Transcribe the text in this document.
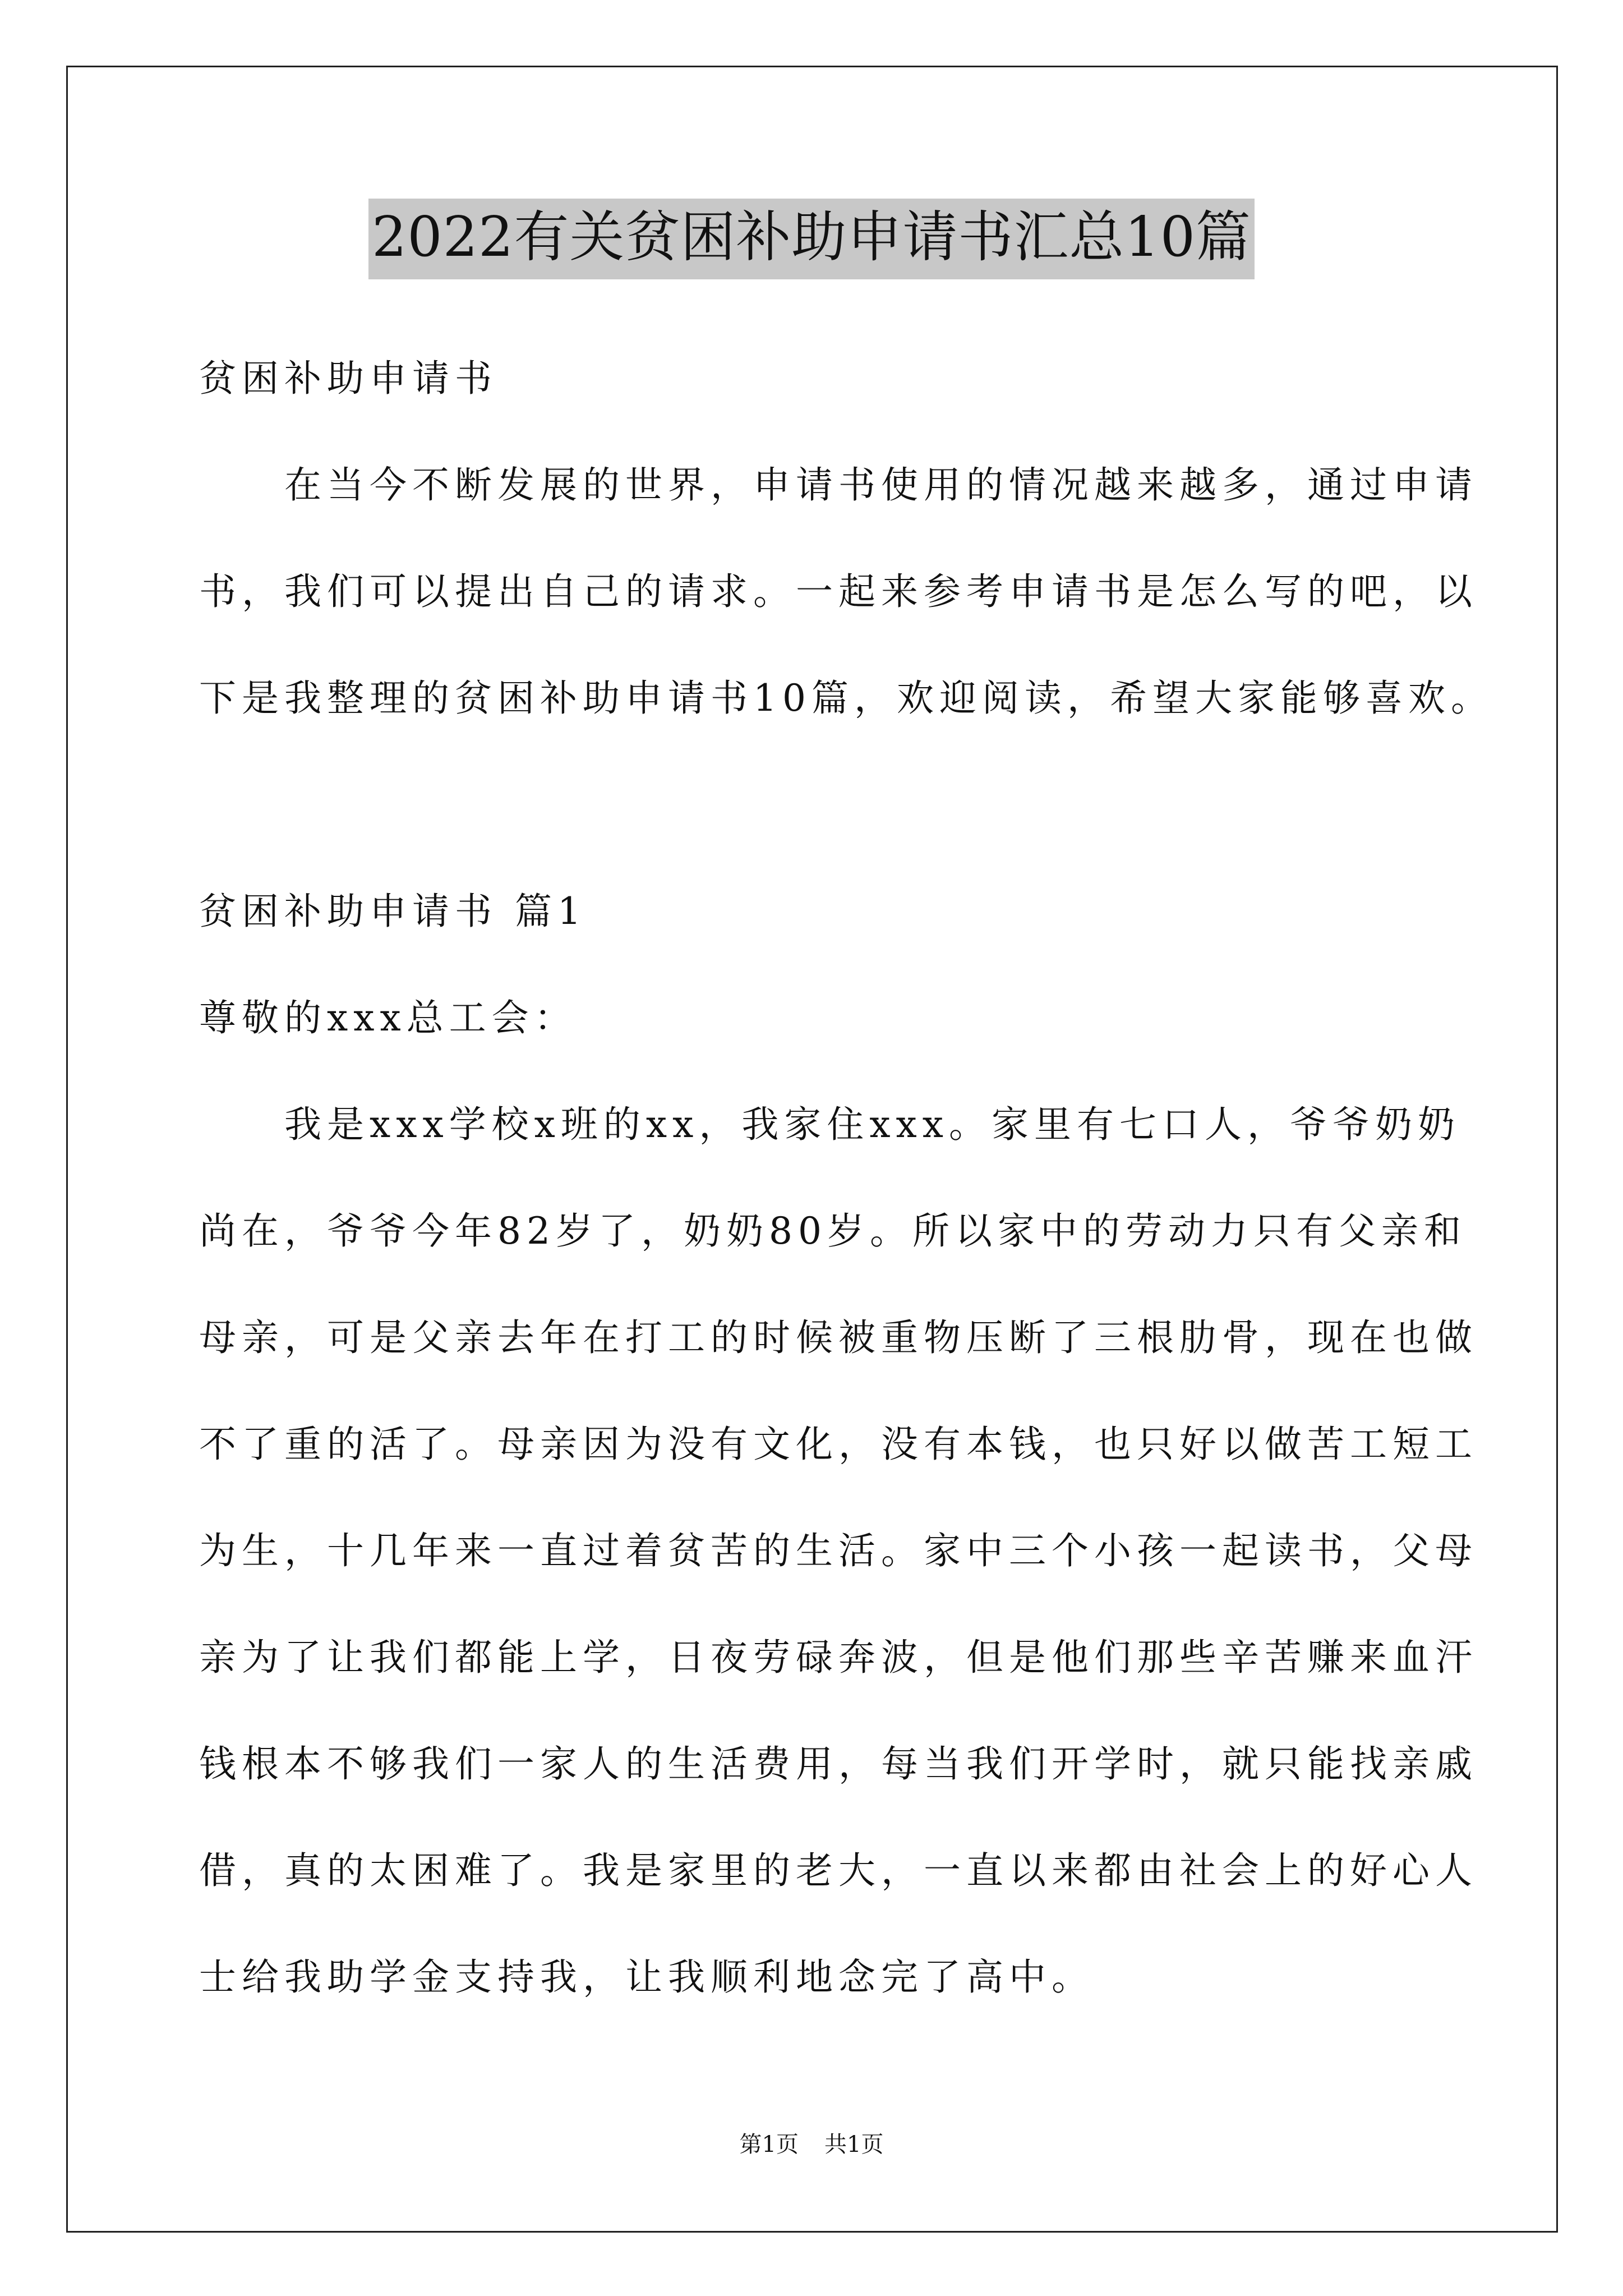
2022有关贫困补助申请书汇总10篇
贫困补助申请书
　　在当今不断发展的世界，申请书使用的情况越来越多，通过申请
书，我们可以提出自己的请求。一起来参考申请书是怎么写的吧，以
下是我整理的贫困补助申请书10篇，欢迎阅读，希望大家能够喜欢。
贫困补助申请书 篇1
尊敬的xxx总工会：
　　我是xxx学校x班的xx，我家住xxx。家里有七口人，爷爷奶奶
尚在，爷爷今年82岁了，奶奶80岁。所以家中的劳动力只有父亲和
母亲，可是父亲去年在打工的时候被重物压断了三根肋骨，现在也做
不了重的活了。母亲因为没有文化，没有本钱，也只好以做苦工短工
为生，十几年来一直过着贫苦的生活。家中三个小孩一起读书，父母
亲为了让我们都能上学，日夜劳碌奔波，但是他们那些辛苦赚来血汗
钱根本不够我们一家人的生活费用，每当我们开学时，就只能找亲戚
借，真的太困难了。我是家里的老大，一直以来都由社会上的好心人
士给我助学金支持我，让我顺利地念完了高中。
第1页 共1页
